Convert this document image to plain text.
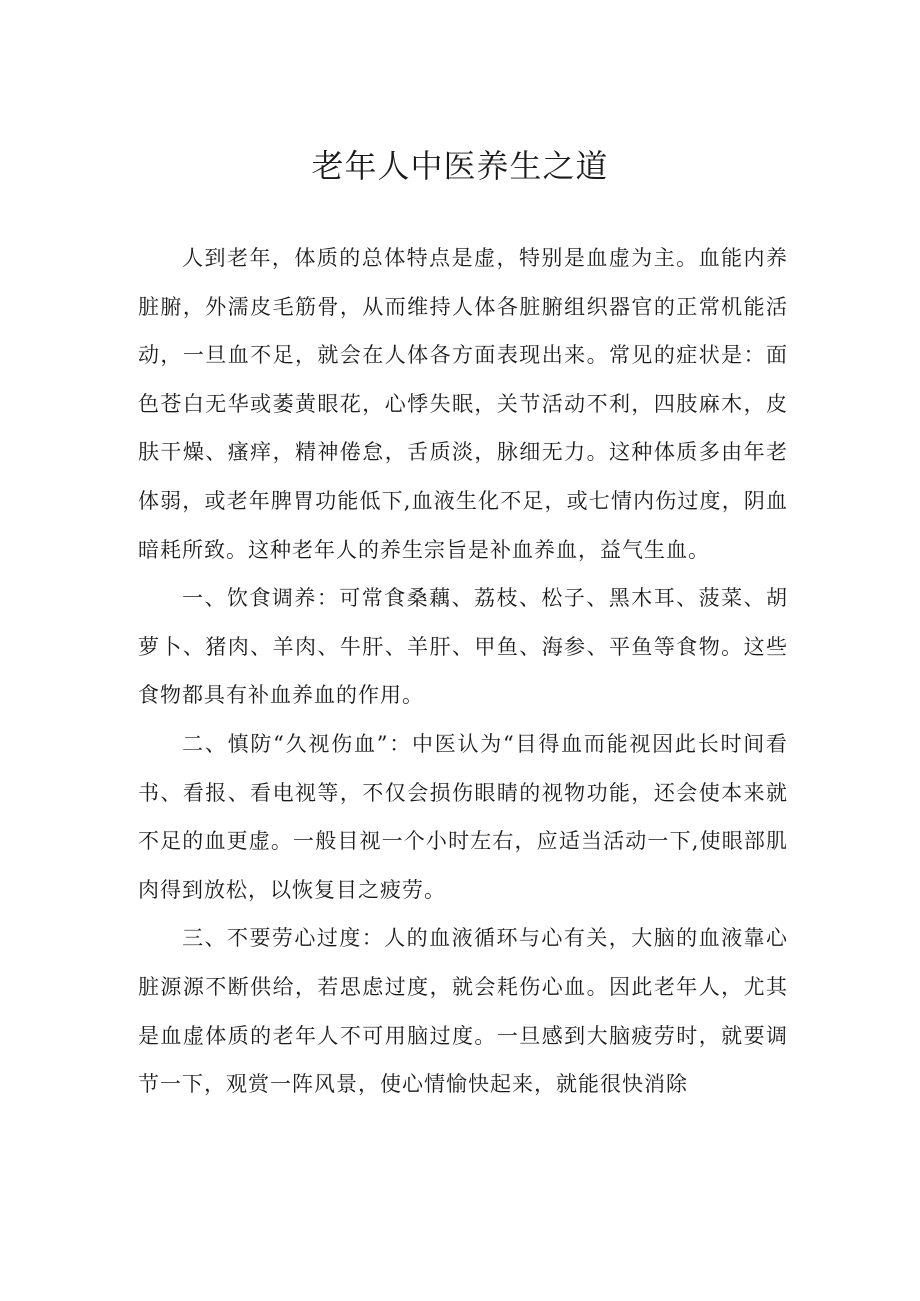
老年人中医养生之道

人到老年，体质的总体特点是虚，特别是血虚为主。血能内养脏腑，外濡皮毛筋骨，从而维持人体各脏腑组织器官的正常机能活动，一旦血不足，就会在人体各方面表现出来。常见的症状是：面色苍白无华或萎黄眼花，心悸失眠，关节活动不利，四肢麻木，皮肤干燥、瘙痒，精神倦怠，舌质淡，脉细无力。这种体质多由年老体弱，或老年脾胃功能低下,血液生化不足，或七情内伤过度，阴血暗耗所致。这种老年人的养生宗旨是补血养血，益气生血。

一、饮食调养：可常食桑藕、荔枝、松子、黑木耳、菠菜、胡萝卜、猪肉、羊肉、牛肝、羊肝、甲鱼、海参、平鱼等食物。这些食物都具有补血养血的作用。

二、慎防“久视伤血”：中医认为“目得血而能视因此长时间看书、看报、看电视等，不仅会损伤眼睛的视物功能，还会使本来就不足的血更虚。一般目视一个小时左右，应适当活动一下,使眼部肌肉得到放松，以恢复目之疲劳。

三、不要劳心过度：人的血液循环与心有关，大脑的血液靠心脏源源不断供给，若思虑过度，就会耗伤心血。因此老年人，尤其是血虚体质的老年人不可用脑过度。一旦感到大脑疲劳时，就要调节一下，观赏一阵风景，使心情愉快起来，就能很快消除
